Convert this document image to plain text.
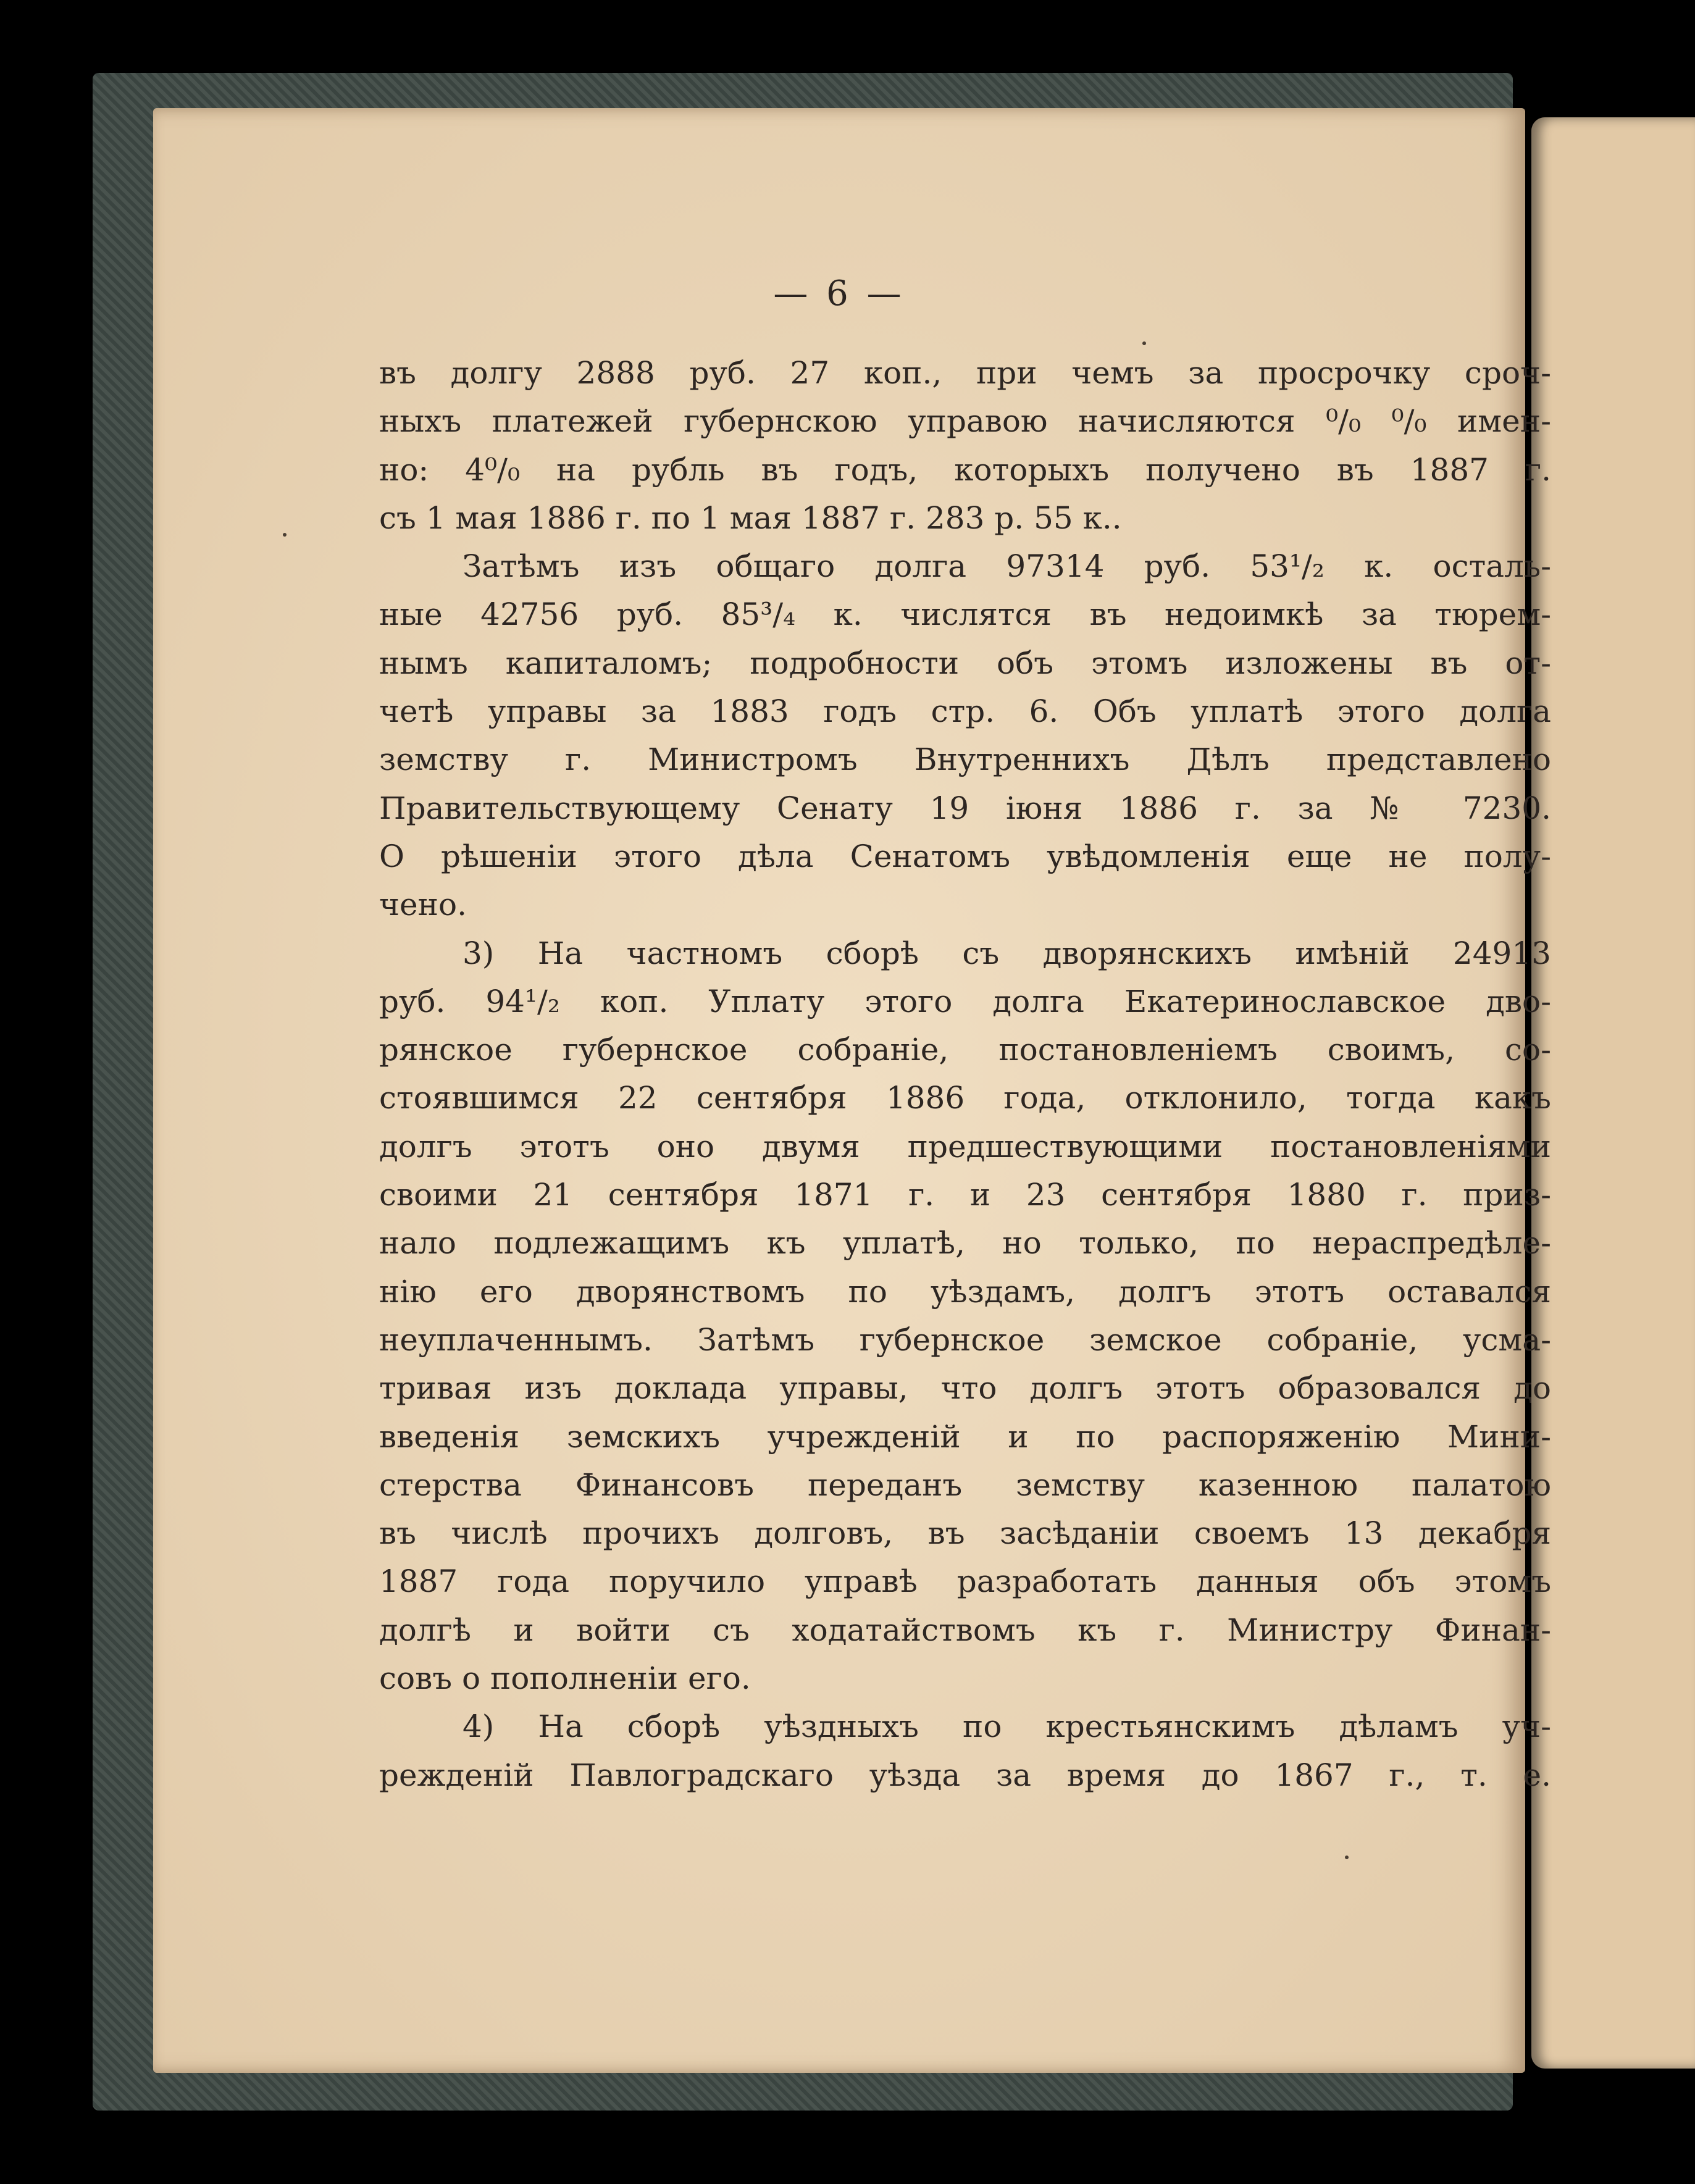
— 6 —
въ долгу 2888 руб. 27 коп., при чемъ за просрочку сроч-
ныхъ платежей губернскою управою начисляются ⁰/₀ ⁰/₀ имен-
но: 4⁰/₀ на рубль въ годъ, которыхъ получено въ 1887 г.
съ 1 мая 1886 г. по 1 мая 1887 г. 283 р. 55 к..
Затѣмъ изъ общаго долга 97314 руб. 53¹/₂ к. осталь-
ные 42756 руб. 85³/₄ к. числятся въ недоимкѣ за тюрем-
нымъ капиталомъ; подробности объ этомъ изложены въ от-
четѣ управы за 1883 годъ стр. 6. Объ уплатѣ этого долга
земству г. Министромъ Внутреннихъ Дѣлъ представлено
Правительствующему Сенату 19 іюня 1886 г. за № 7230.
О рѣшеніи этого дѣла Сенатомъ увѣдомленія еще не полу-
чено.
3) На частномъ сборѣ съ дворянскихъ имѣній 24913
руб. 94¹/₂ коп. Уплату этого долга Екатеринославское дво-
рянское губернское собраніе, постановленіемъ своимъ, со-
стоявшимся 22 сентября 1886 года, отклонило, тогда какъ
долгъ этотъ оно двумя предшествующими постановленіями
своими 21 сентября 1871 г. и 23 сентября 1880 г. приз-
нало подлежащимъ къ уплатѣ, но только, по нераспредѣле-
нію его дворянствомъ по уѣздамъ, долгъ этотъ оставался
неуплаченнымъ. Затѣмъ губернское земское собраніе, усма-
тривая изъ доклада управы, что долгъ этотъ образовался до
введенія земскихъ учрежденій и по распоряженію Мини-
стерства Финансовъ переданъ земству казенною палатою
въ числѣ прочихъ долговъ, въ засѣданіи своемъ 13 декабря
1887 года поручило управѣ разработать данныя объ этомъ
долгѣ и войти съ ходатайствомъ къ г. Министру Финан-
совъ о пополненіи его.
4) На сборѣ уѣздныхъ по крестьянскимъ дѣламъ уч-
режденій Павлоградскаго уѣзда за время до 1867 г., т. е.
